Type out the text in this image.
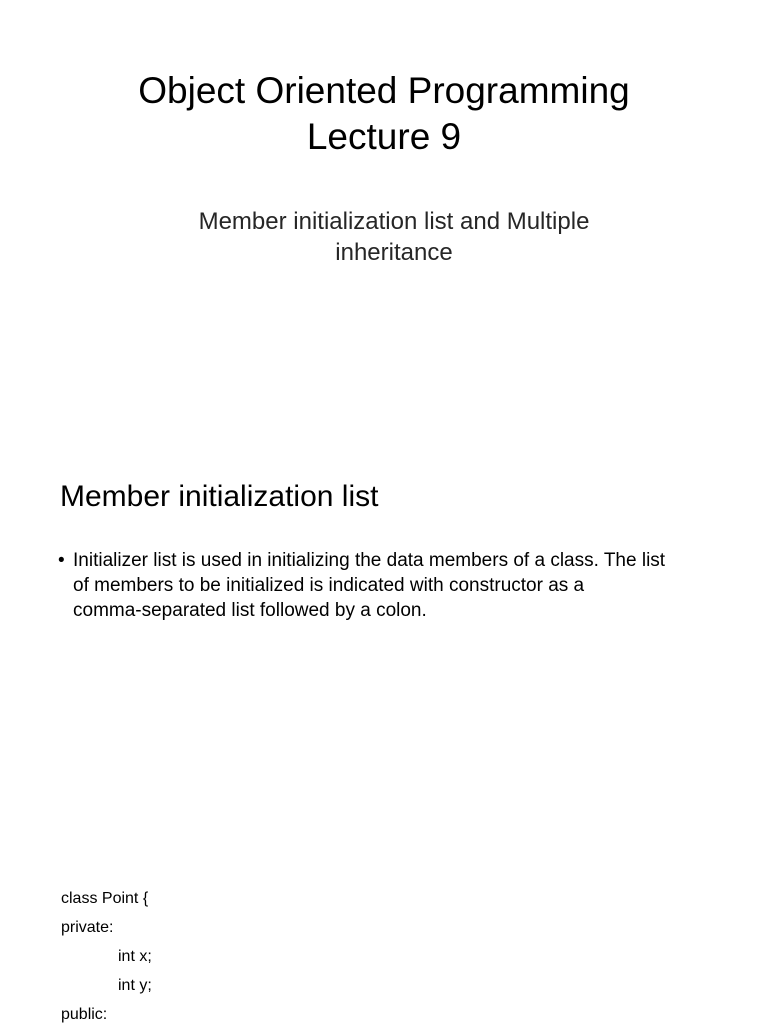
Object Oriented Programming
Lecture 9
Member initialization list and Multiple
inheritance
Member initialization list
• Initializer list is used in initializing the data members of a class. The list
of members to be initialized is indicated with constructor as a
comma-separated list followed by a colon.
class Point {
private:
int x;
int y;
public:
